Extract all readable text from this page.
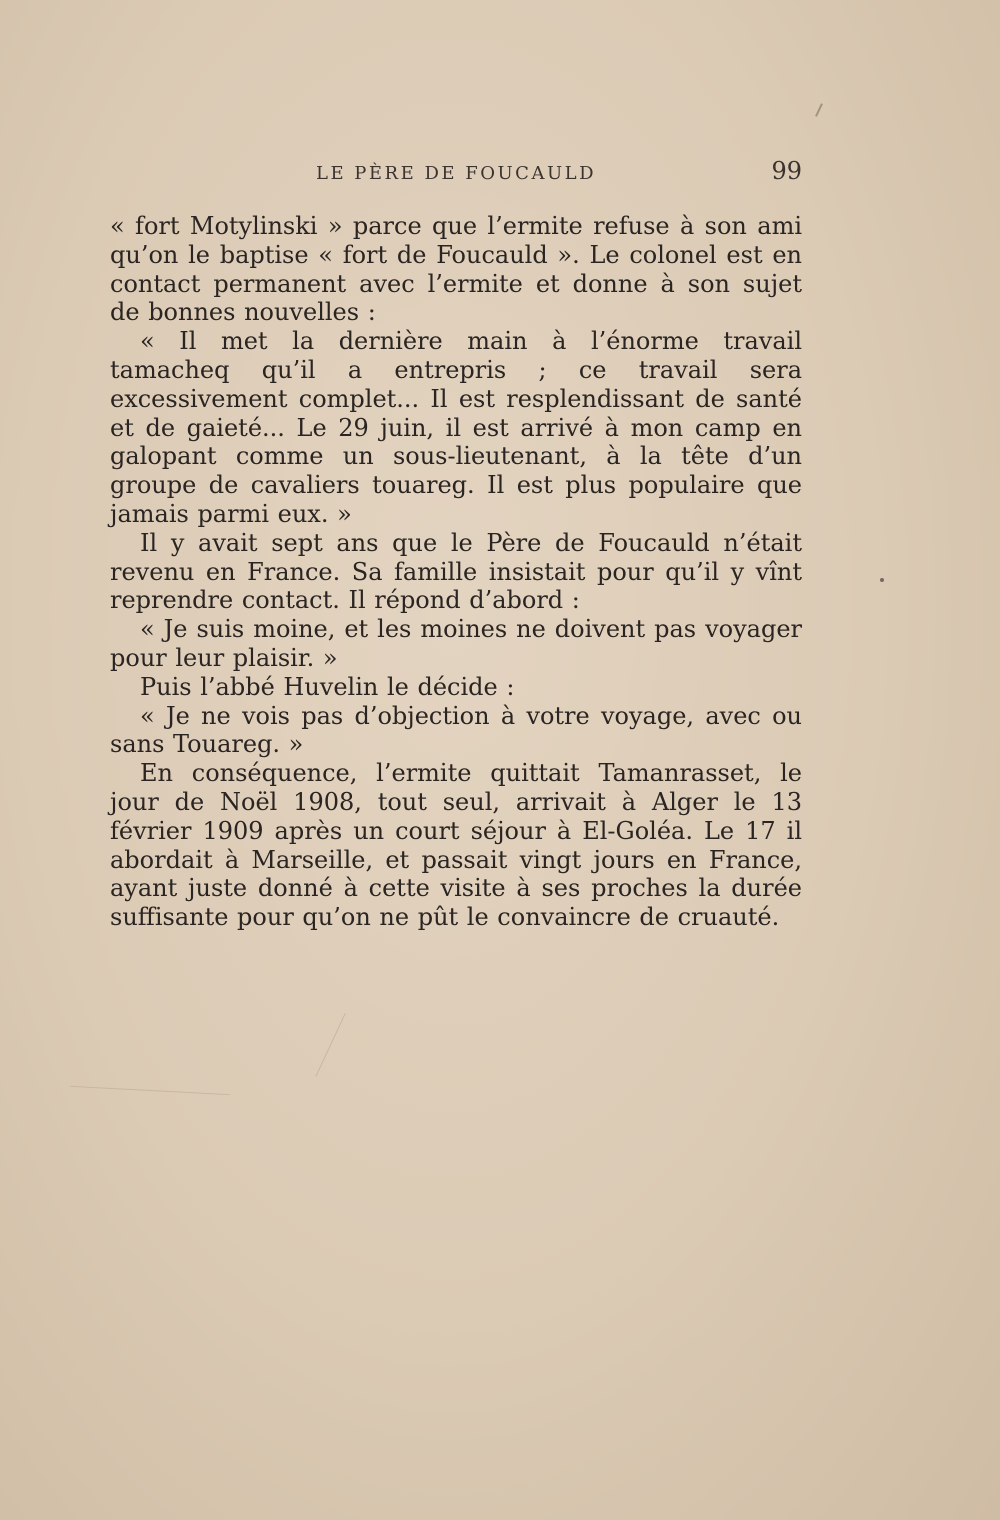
LE PÈRE DE FOUCAULD	99

« fort Motylinski » parce que l’ermite refuse à son ami qu’on le baptise « fort de Foucauld ». Le colonel est en contact permanent avec l’ermite et donne à son sujet de bonnes nouvelles :

« Il met la dernière main à l’énorme travail tamacheq qu’il a entrepris ; ce travail sera excessivement complet... Il est resplendissant de santé et de gaieté... Le 29 juin, il est arrivé à mon camp en galopant comme un sous-lieutenant, à la tête d’un groupe de cavaliers touareg. Il est plus populaire que jamais parmi eux. »

Il y avait sept ans que le Père de Foucauld n’était revenu en France. Sa famille insistait pour qu’il y vînt reprendre contact. Il répond d’abord :

« Je suis moine, et les moines ne doivent pas voyager pour leur plaisir. »

Puis l’abbé Huvelin le décide :

« Je ne vois pas d’objection à votre voyage, avec ou sans Touareg. »

En conséquence, l’ermite quittait Tamanrasset, le jour de Noël 1908, tout seul, arrivait à Alger le 13 février 1909 après un court séjour à El-Goléa. Le 17 il abordait à Marseille, et passait vingt jours en France, ayant juste donné à cette visite à ses proches la durée suffisante pour qu’on ne pût le convaincre de cruauté.
